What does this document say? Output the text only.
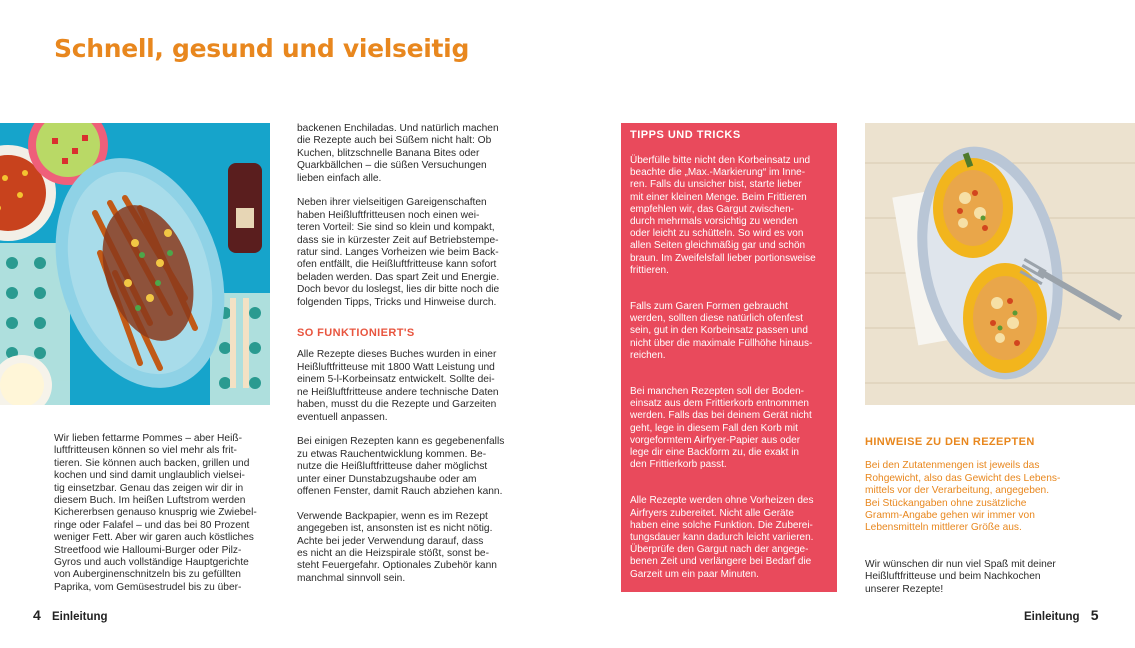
Schnell, gesund und vielseitig

Wir lieben fettarme Pommes – aber Heiß-
luftfritteusen können so viel mehr als frit-
tieren. Sie können auch backen, grillen und
kochen und sind damit unglaublich vielsei-
tig einsetzbar. Genau das zeigen wir dir in
diesem Buch. Im heißen Luftstrom werden
Kichererbsen genauso knusprig wie Zwiebel-
ringe oder Falafel – und das bei 80 Prozent
weniger Fett. Aber wir garen auch köstliches
Streetfood wie Halloumi-Burger oder Pilz-
Gyros und auch vollständige Hauptgerichte
von Auberginenschnitzeln bis zu gefüllten
Paprika, vom Gemüsestrudel bis zu über-

backenen Enchiladas. Und natürlich machen
die Rezepte auch bei Süßem nicht halt: Ob
Kuchen, blitzschnelle Banana Bites oder
Quarkbällchen – die süßen Versuchungen
lieben einfach alle.

Neben ihrer vielseitigen Gareigenschaften
haben Heißluftfritteusen noch einen wei-
teren Vorteil: Sie sind so klein und kompakt,
dass sie in kürzester Zeit auf Betriebstempe-
ratur sind. Langes Vorheizen wie beim Back-
ofen entfällt, die Heißluftfritteuse kann sofort
beladen werden. Das spart Zeit und Energie.
Doch bevor du loslegst, lies dir bitte noch die
folgenden Tipps, Tricks und Hinweise durch.

SO FUNKTIONIERT'S

Alle Rezepte dieses Buches wurden in einer
Heißluftfritteuse mit 1800 Watt Leistung und
einem 5-l-Korbeinsatz entwickelt. Sollte dei-
ne Heißluftfritteuse andere technische Daten
haben, musst du die Rezepte und Garzeiten
eventuell anpassen.

Bei einigen Rezepten kann es gegebenenfalls
zu etwas Rauchentwicklung kommen. Be-
nutze die Heißluftfritteuse daher möglichst
unter einer Dunstabzugshaube oder am
offenen Fenster, damit Rauch abziehen kann.

Verwende Backpapier, wenn es im Rezept
angegeben ist, ansonsten ist es nicht nötig.
Achte bei jeder Verwendung darauf, dass
es nicht an die Heizspirale stößt, sonst be-
steht Feuergefahr. Optionales Zubehör kann
manchmal sinnvoll sein.

TIPPS UND TRICKS

Überfülle bitte nicht den Korbeinsatz und
beachte die „Max.-Markierung“ im Inne-
ren. Falls du unsicher bist, starte lieber
mit einer kleinen Menge. Beim Frittieren
empfehlen wir, das Gargut zwischen-
durch mehrmals vorsichtig zu wenden
oder leicht zu schütteln. So wird es von
allen Seiten gleichmäßig gar und schön
braun. Im Zweifelsfall lieber portionsweise
frittieren.

Falls zum Garen Formen gebraucht
werden, sollten diese natürlich ofenfest
sein, gut in den Korbeinsatz passen und
nicht über die maximale Füllhöhe hinaus-
reichen.

Bei manchen Rezepten soll der Boden-
einsatz aus dem Frittierkorb entnommen
werden. Falls das bei deinem Gerät nicht
geht, lege in diesem Fall den Korb mit
vorgeformtem Airfryer-Papier aus oder
lege dir eine Backform zu, die exakt in
den Frittierkorb passt.

Alle Rezepte werden ohne Vorheizen des
Airfryers zubereitet. Nicht alle Geräte
haben eine solche Funktion. Die Zuberei-
tungsdauer kann dadurch leicht variieren.
Überprüfe den Gargut nach der angege-
benen Zeit und verlängere bei Bedarf die
Garzeit um ein paar Minuten.

HINWEISE ZU DEN REZEPTEN

Bei den Zutatenmengen ist jeweils das
Rohgewicht, also das Gewicht des Lebens-
mittels vor der Verarbeitung, angegeben.
Bei Stückangaben ohne zusätzliche
Gramm-Angabe gehen wir immer von
Lebensmitteln mittlerer Größe aus.

Wir wünschen dir nun viel Spaß mit deiner
Heißluftfritteuse und beim Nachkochen
unserer Rezepte!

4 Einleitung	Einleitung 5
